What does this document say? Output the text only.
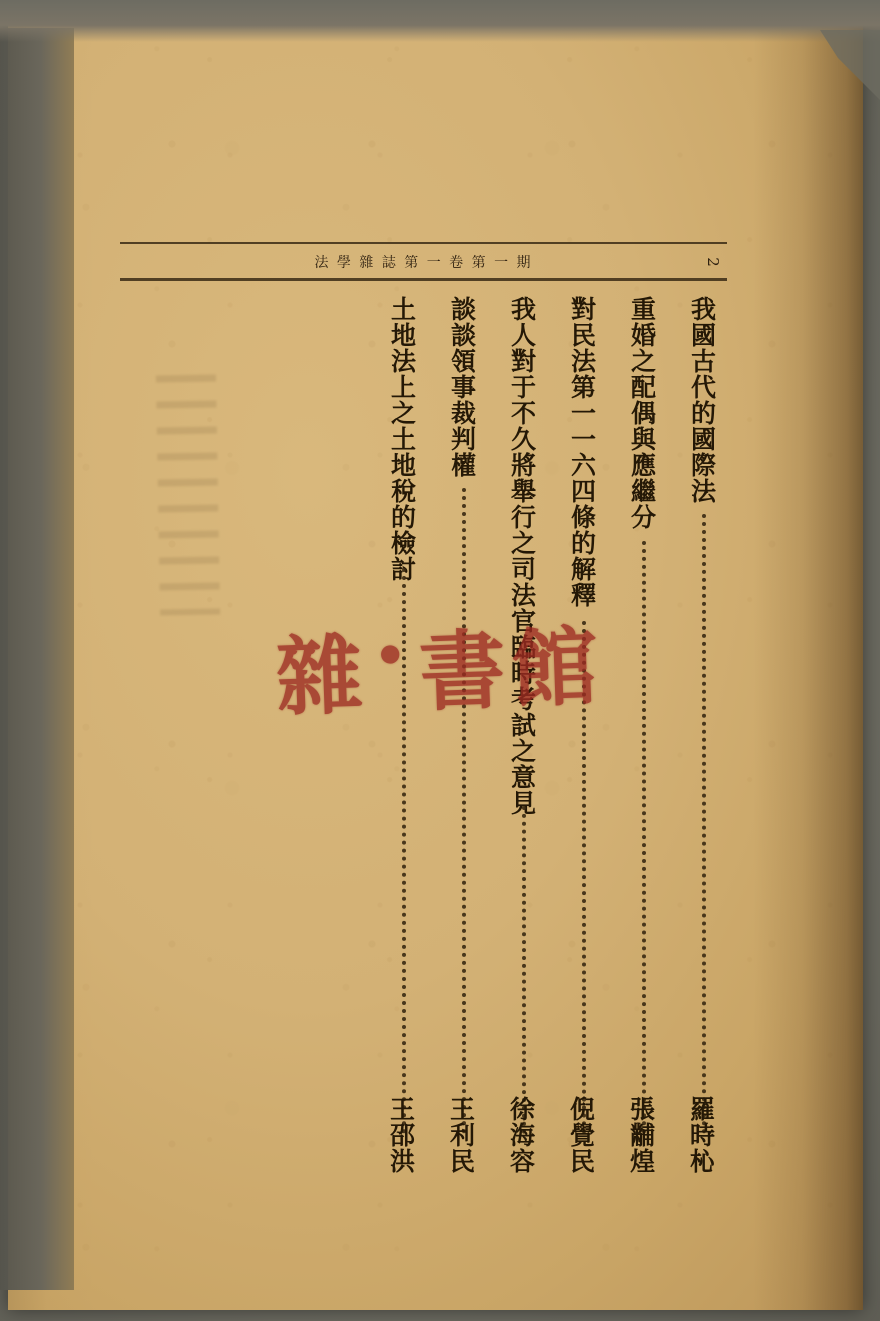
法 學 雜 誌 第 一 卷 第 一 期	2
我國古代的國際法
羅時杺
重婚之配偶與應繼分
張黼煌
對民法第一一六四條的解釋
倪覺民
我人對于不久將舉行之司法官臨時考試之意見
徐海容
談談領事裁判權
王利民
土地法上之土地稅的檢討
王邵洪
雜 • 書館
